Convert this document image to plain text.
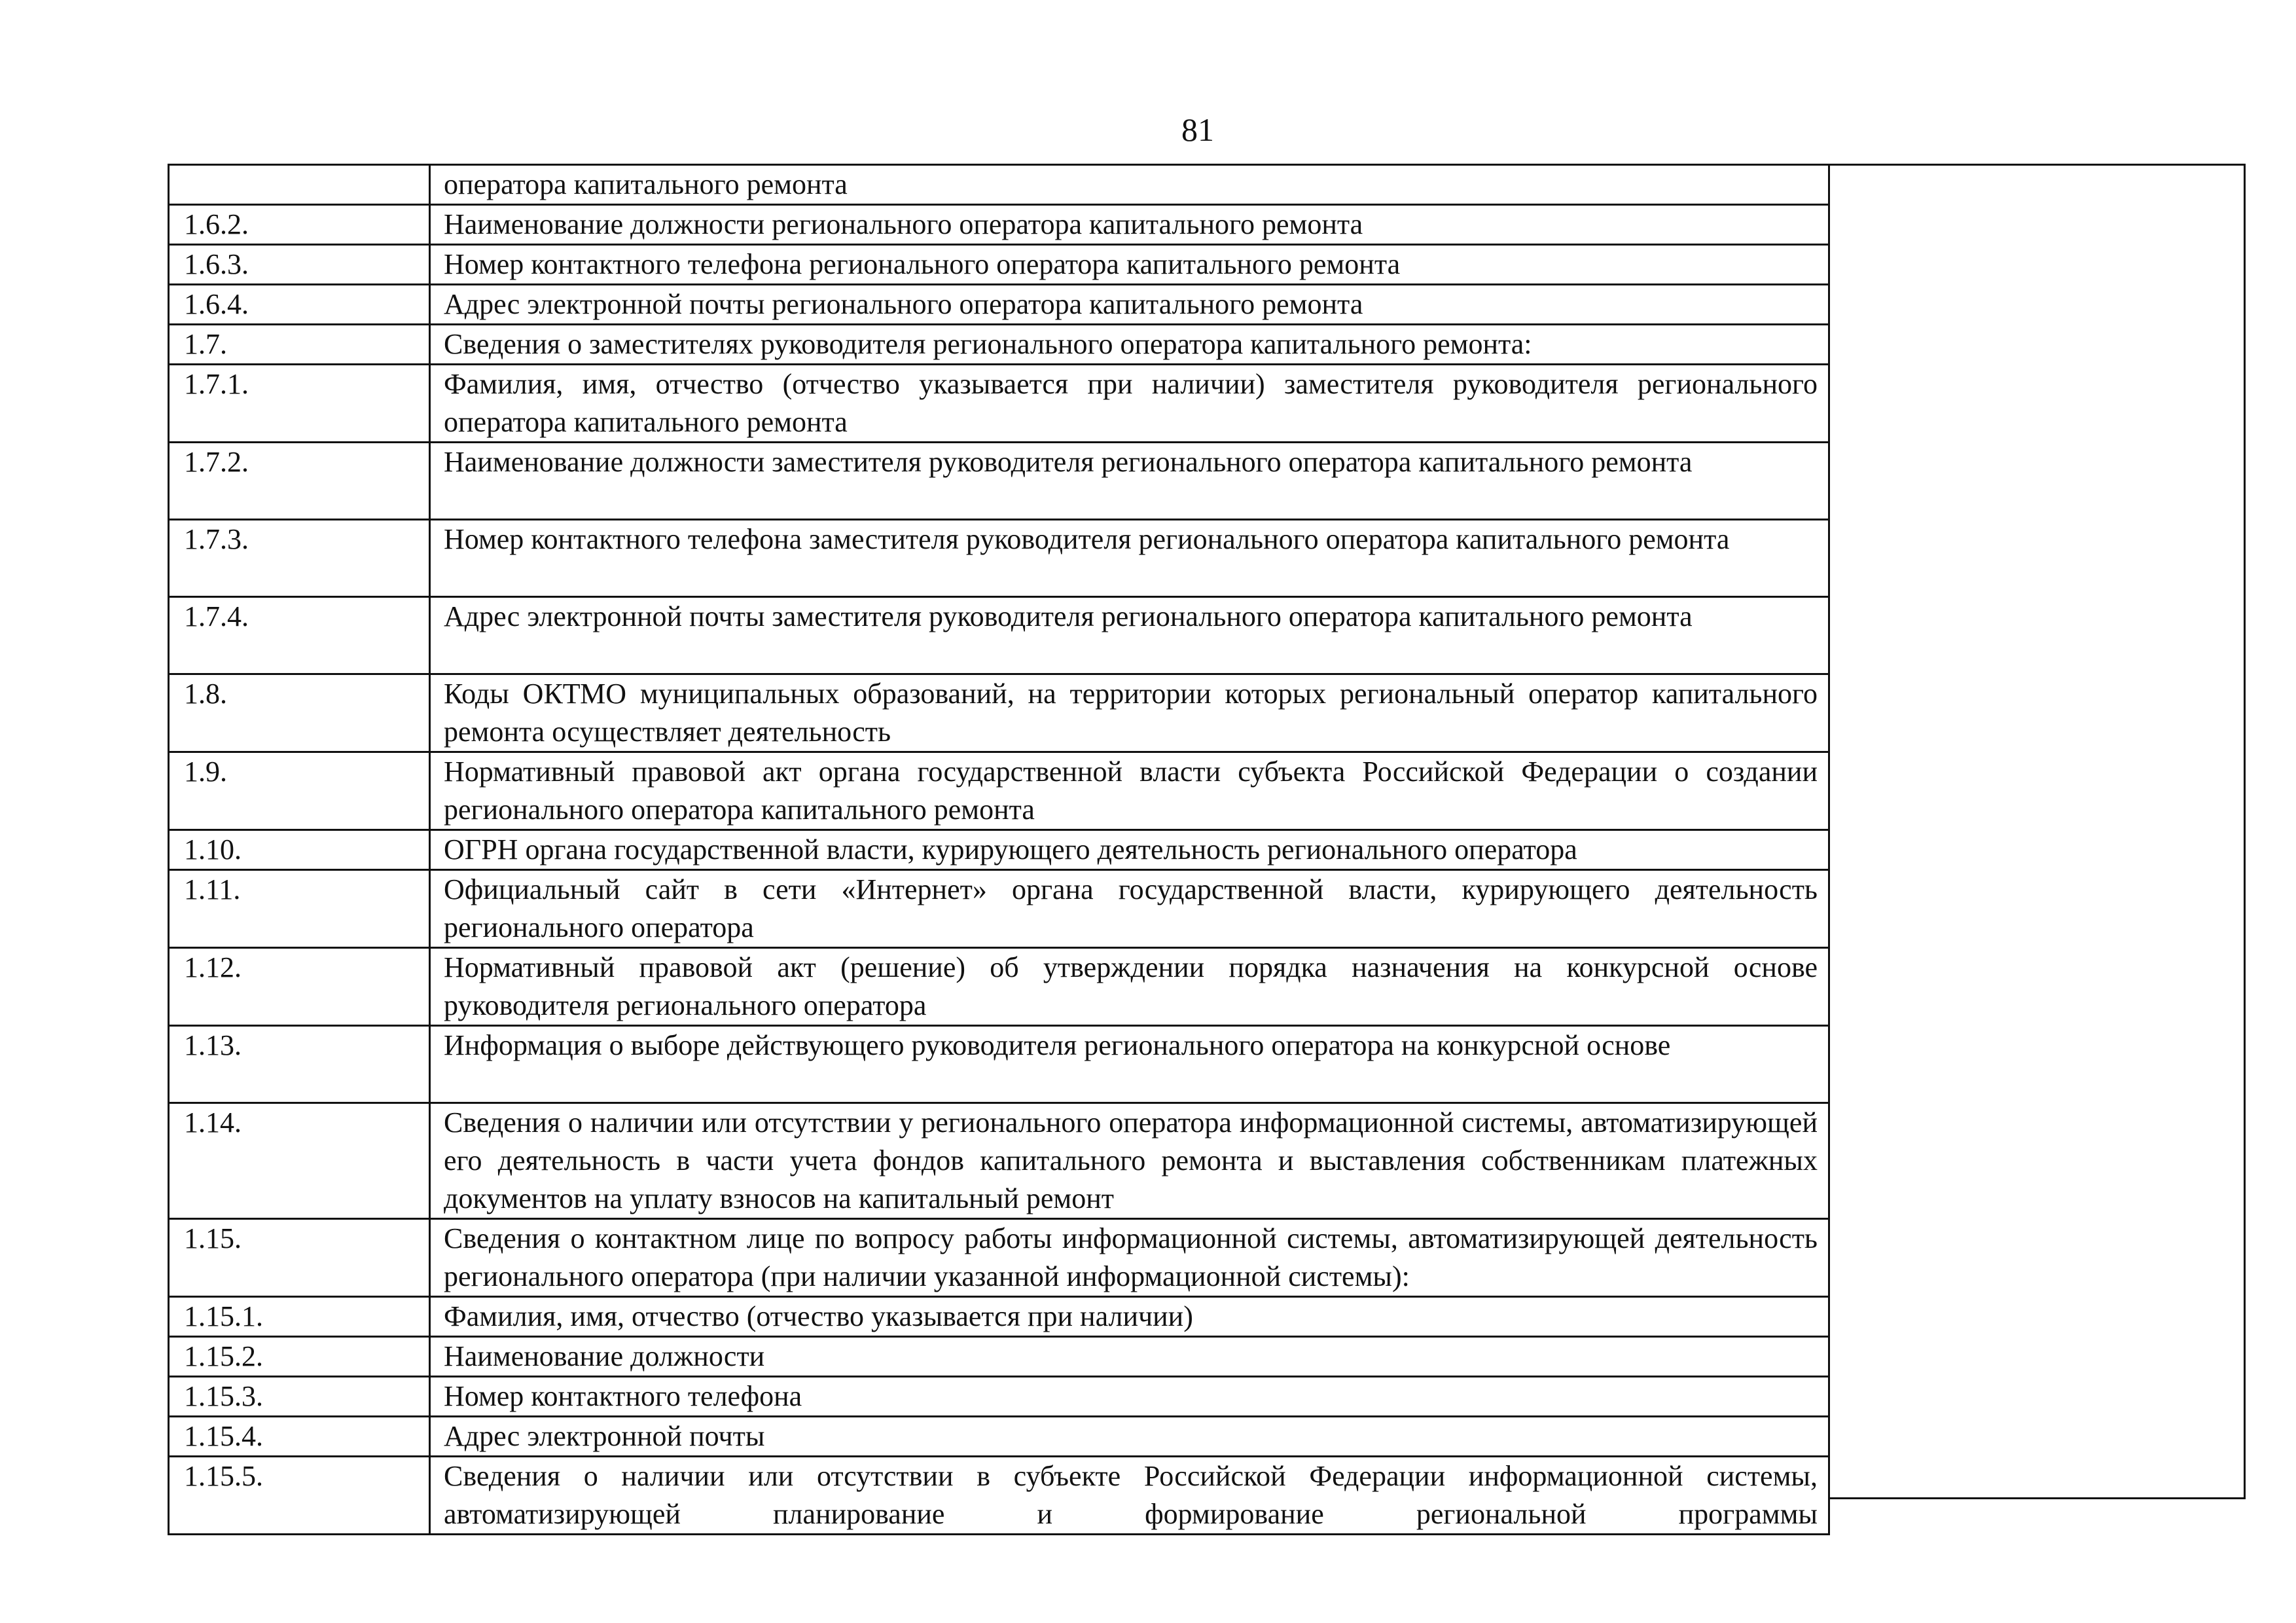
81
	оператора капитального ремонта
1.6.2.	Наименование должности регионального оператора капитального ремонта
1.6.3.	Номер контактного телефона регионального оператора капитального ремонта
1.6.4.	Адрес электронной почты регионального оператора капитального ремонта
1.7.	Сведения о заместителях руководителя регионального оператора капитального ремонта:
1.7.1.	Фамилия, имя, отчество (отчество указывается при наличии) заместителя руководителя регионального оператора капитального ремонта
1.7.2.	Наименование должности заместителя руководителя регионального оператора капитального ремонта
1.7.3.	Номер контактного телефона заместителя руководителя регионального оператора капитального ремонта
1.7.4.	Адрес электронной почты заместителя руководителя регионального оператора капитального ремонта
1.8.	Коды ОКТМО муниципальных образований, на территории которых региональный оператор капитального ремонта осуществляет деятельность
1.9.	Нормативный правовой акт органа государственной власти субъекта Российской Федерации о создании регионального оператора капитального ремонта
1.10.	ОГРН органа государственной власти, курирующего деятельность регионального оператора
1.11.	Официальный сайт в сети «Интернет» органа государственной власти, курирующего деятельность регионального оператора
1.12.	Нормативный правовой акт (решение) об утверждении порядка назначения на конкурсной основе руководителя регионального оператора
1.13.	Информация о выборе действующего руководителя регионального оператора на конкурсной основе
1.14.	Сведения о наличии или отсутствии у регионального оператора информационной системы, автоматизирующей его деятельность в части учета фондов капитального ремонта и выставления собственникам платежных документов на уплату взносов на капитальный ремонт
1.15.	Сведения о контактном лице по вопросу работы информационной системы, автоматизирующей деятельность регионального оператора (при наличии указанной информационной системы):
1.15.1.	Фамилия, имя, отчество (отчество указывается при наличии)
1.15.2.	Наименование должности
1.15.3.	Номер контактного телефона
1.15.4.	Адрес электронной почты
1.15.5.	Сведения о наличии или отсутствии в субъекте Российской Федерации информационной системы, автоматизирующей планирование и формирование региональной программы
